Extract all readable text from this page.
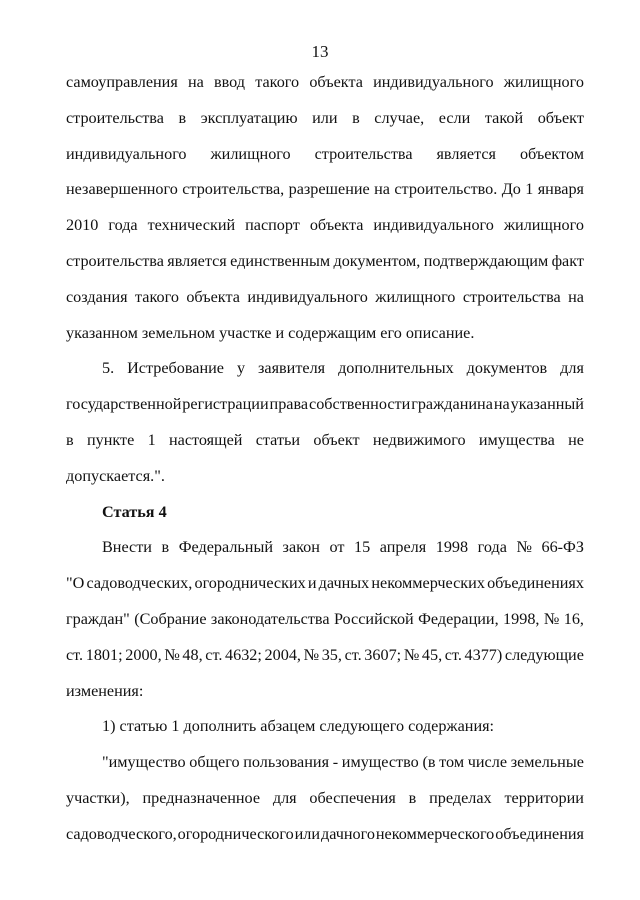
13
самоуправления на ввод такого объекта индивидуального жилищного
строительства в эксплуатацию или в случае, если такой объект
индивидуального жилищного строительства является объектом
незавершенного строительства, разрешение на строительство. До 1 января
2010 года технический паспорт объекта индивидуального жилищного
строительства является единственным документом, подтверждающим факт
создания такого объекта индивидуального жилищного строительства на
указанном земельном участке и содержащим его описание.
5. Истребование у заявителя дополнительных документов для
государственной регистрации права собственности гражданина на указанный
в пункте 1 настоящей статьи объект недвижимого имущества не
допускается.".
Статья 4
Внести в Федеральный закон от 15 апреля 1998 года № 66-ФЗ
"О садоводческих, огороднических и дачных некоммерческих объединениях
граждан" (Собрание законодательства Российской Федерации, 1998, № 16,
ст. 1801; 2000, № 48, ст. 4632; 2004, № 35, ст. 3607; № 45, ст. 4377) следующие
изменения:
1) статью 1 дополнить абзацем следующего содержания:
"имущество общего пользования - имущество (в том числе земельные
участки), предназначенное для обеспечения в пределах территории
садоводческого, огороднического или дачного некоммерческого объединения
